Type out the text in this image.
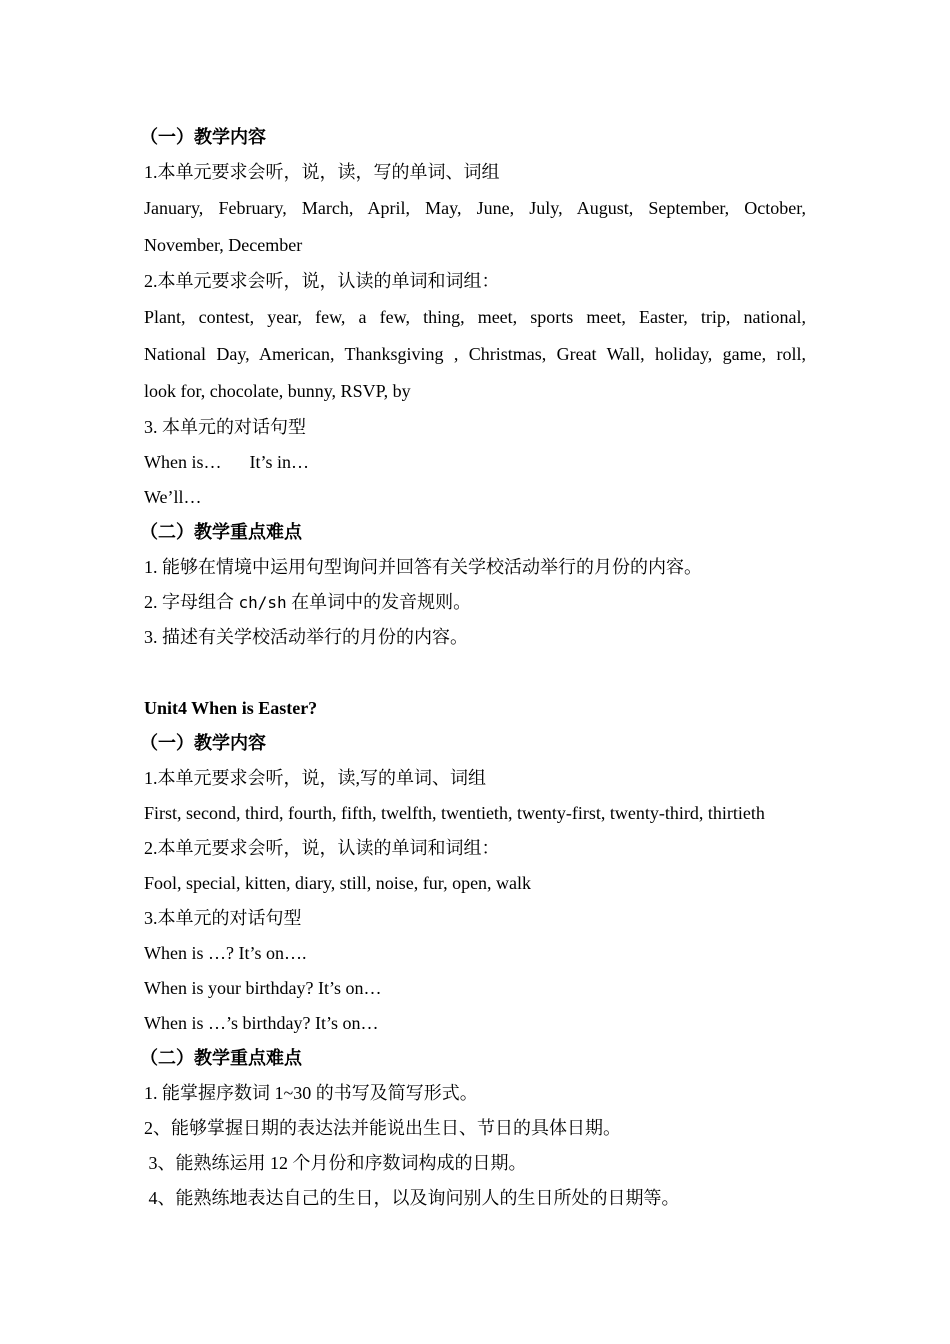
（一）教学内容
1.本单元要求会听，说，读，写的单词、词组
January, February, March, April, May, June, July, August, September, October,
November, December
2.本单元要求会听，说，认读的单词和词组：
Plant, contest, year, few, a few, thing, meet, sports meet, Easter, trip, national,
National Day, American, Thanksgiving , Christmas, Great Wall, holiday, game, roll,
look for, chocolate, bunny, RSVP, by
3. 本单元的对话句型
When is… It’s in…
We’ll…
（二）教学重点难点
1. 能够在情境中运用句型询问并回答有关学校活动举行的月份的内容。
2. 字母组合 ch/sh 在单词中的发音规则。
3. 描述有关学校活动举行的月份的内容。
Unit4 When is Easter?
（一）教学内容
1.本单元要求会听，说，读,写的单词、词组
First, second, third, fourth, fifth, twelfth, twentieth, twenty-first, twenty-third, thirtieth
2.本单元要求会听，说，认读的单词和词组：
Fool, special, kitten, diary, still, noise, fur, open, walk
3.本单元的对话句型
When is …? It’s on….
When is your birthday? It’s on…
When is …’s birthday? It’s on…
（二）教学重点难点
1. 能掌握序数词 1~30 的书写及简写形式。
2、能够掌握日期的表达法并能说出生日、节日的具体日期。
3、能熟练运用 12 个月份和序数词构成的日期。
4、能熟练地表达自己的生日，以及询问别人的生日所处的日期等。
